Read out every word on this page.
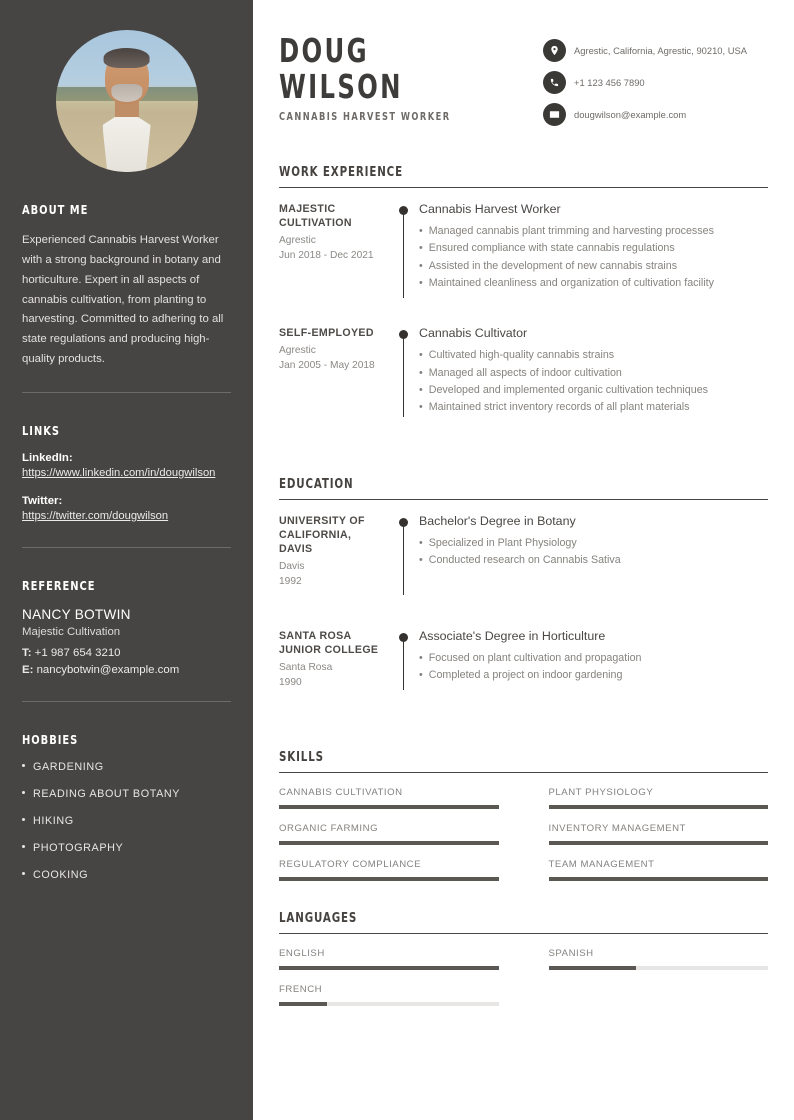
ABOUT ME

Experienced Cannabis Harvest Worker with a strong background in botany and horticulture. Expert in all aspects of cannabis cultivation, from planting to harvesting. Committed to adhering to all state regulations and producing high-quality products.

LINKS
LinkedIn:
https://www.linkedin.com/in/dougwilson
Twitter:
https://twitter.com/dougwilson
REFERENCE
NANCY BOTWIN
Majestic Cultivation
T: +1 987 654 3210
E: nancybotwin@example.com
HOBBIES
GARDENING
READING ABOUT BOTANY
HIKING
PHOTOGRAPHY
COOKING
DOUG
WILSON
CANNABIS HARVEST WORKER
Agrestic, California, Agrestic, 90210, USA
+1 123 456 7890
dougwilson@example.com
WORK EXPERIENCE
MAJESTIC CULTIVATION
Agrestic
Jun 2018 - Dec 2021
Cannabis Harvest Worker
• Managed cannabis plant trimming and harvesting processes
• Ensured compliance with state cannabis regulations
• Assisted in the development of new cannabis strains
• Maintained cleanliness and organization of cultivation facility
SELF-EMPLOYED
Agrestic
Jan 2005 - May 2018
Cannabis Cultivator
• Cultivated high-quality cannabis strains
• Managed all aspects of indoor cultivation
• Developed and implemented organic cultivation techniques
• Maintained strict inventory records of all plant materials
EDUCATION
UNIVERSITY OF CALIFORNIA, DAVIS
Davis
1992
Bachelor's Degree in Botany
• Specialized in Plant Physiology
• Conducted research on Cannabis Sativa
SANTA ROSA JUNIOR COLLEGE
Santa Rosa
1990
Associate's Degree in Horticulture
• Focused on plant cultivation and propagation
• Completed a project on indoor gardening
SKILLS
CANNABIS CULTIVATION	PLANT PHYSIOLOGY
ORGANIC FARMING	INVENTORY MANAGEMENT
REGULATORY COMPLIANCE	TEAM MANAGEMENT
LANGUAGES
ENGLISH	SPANISH
FRENCH
